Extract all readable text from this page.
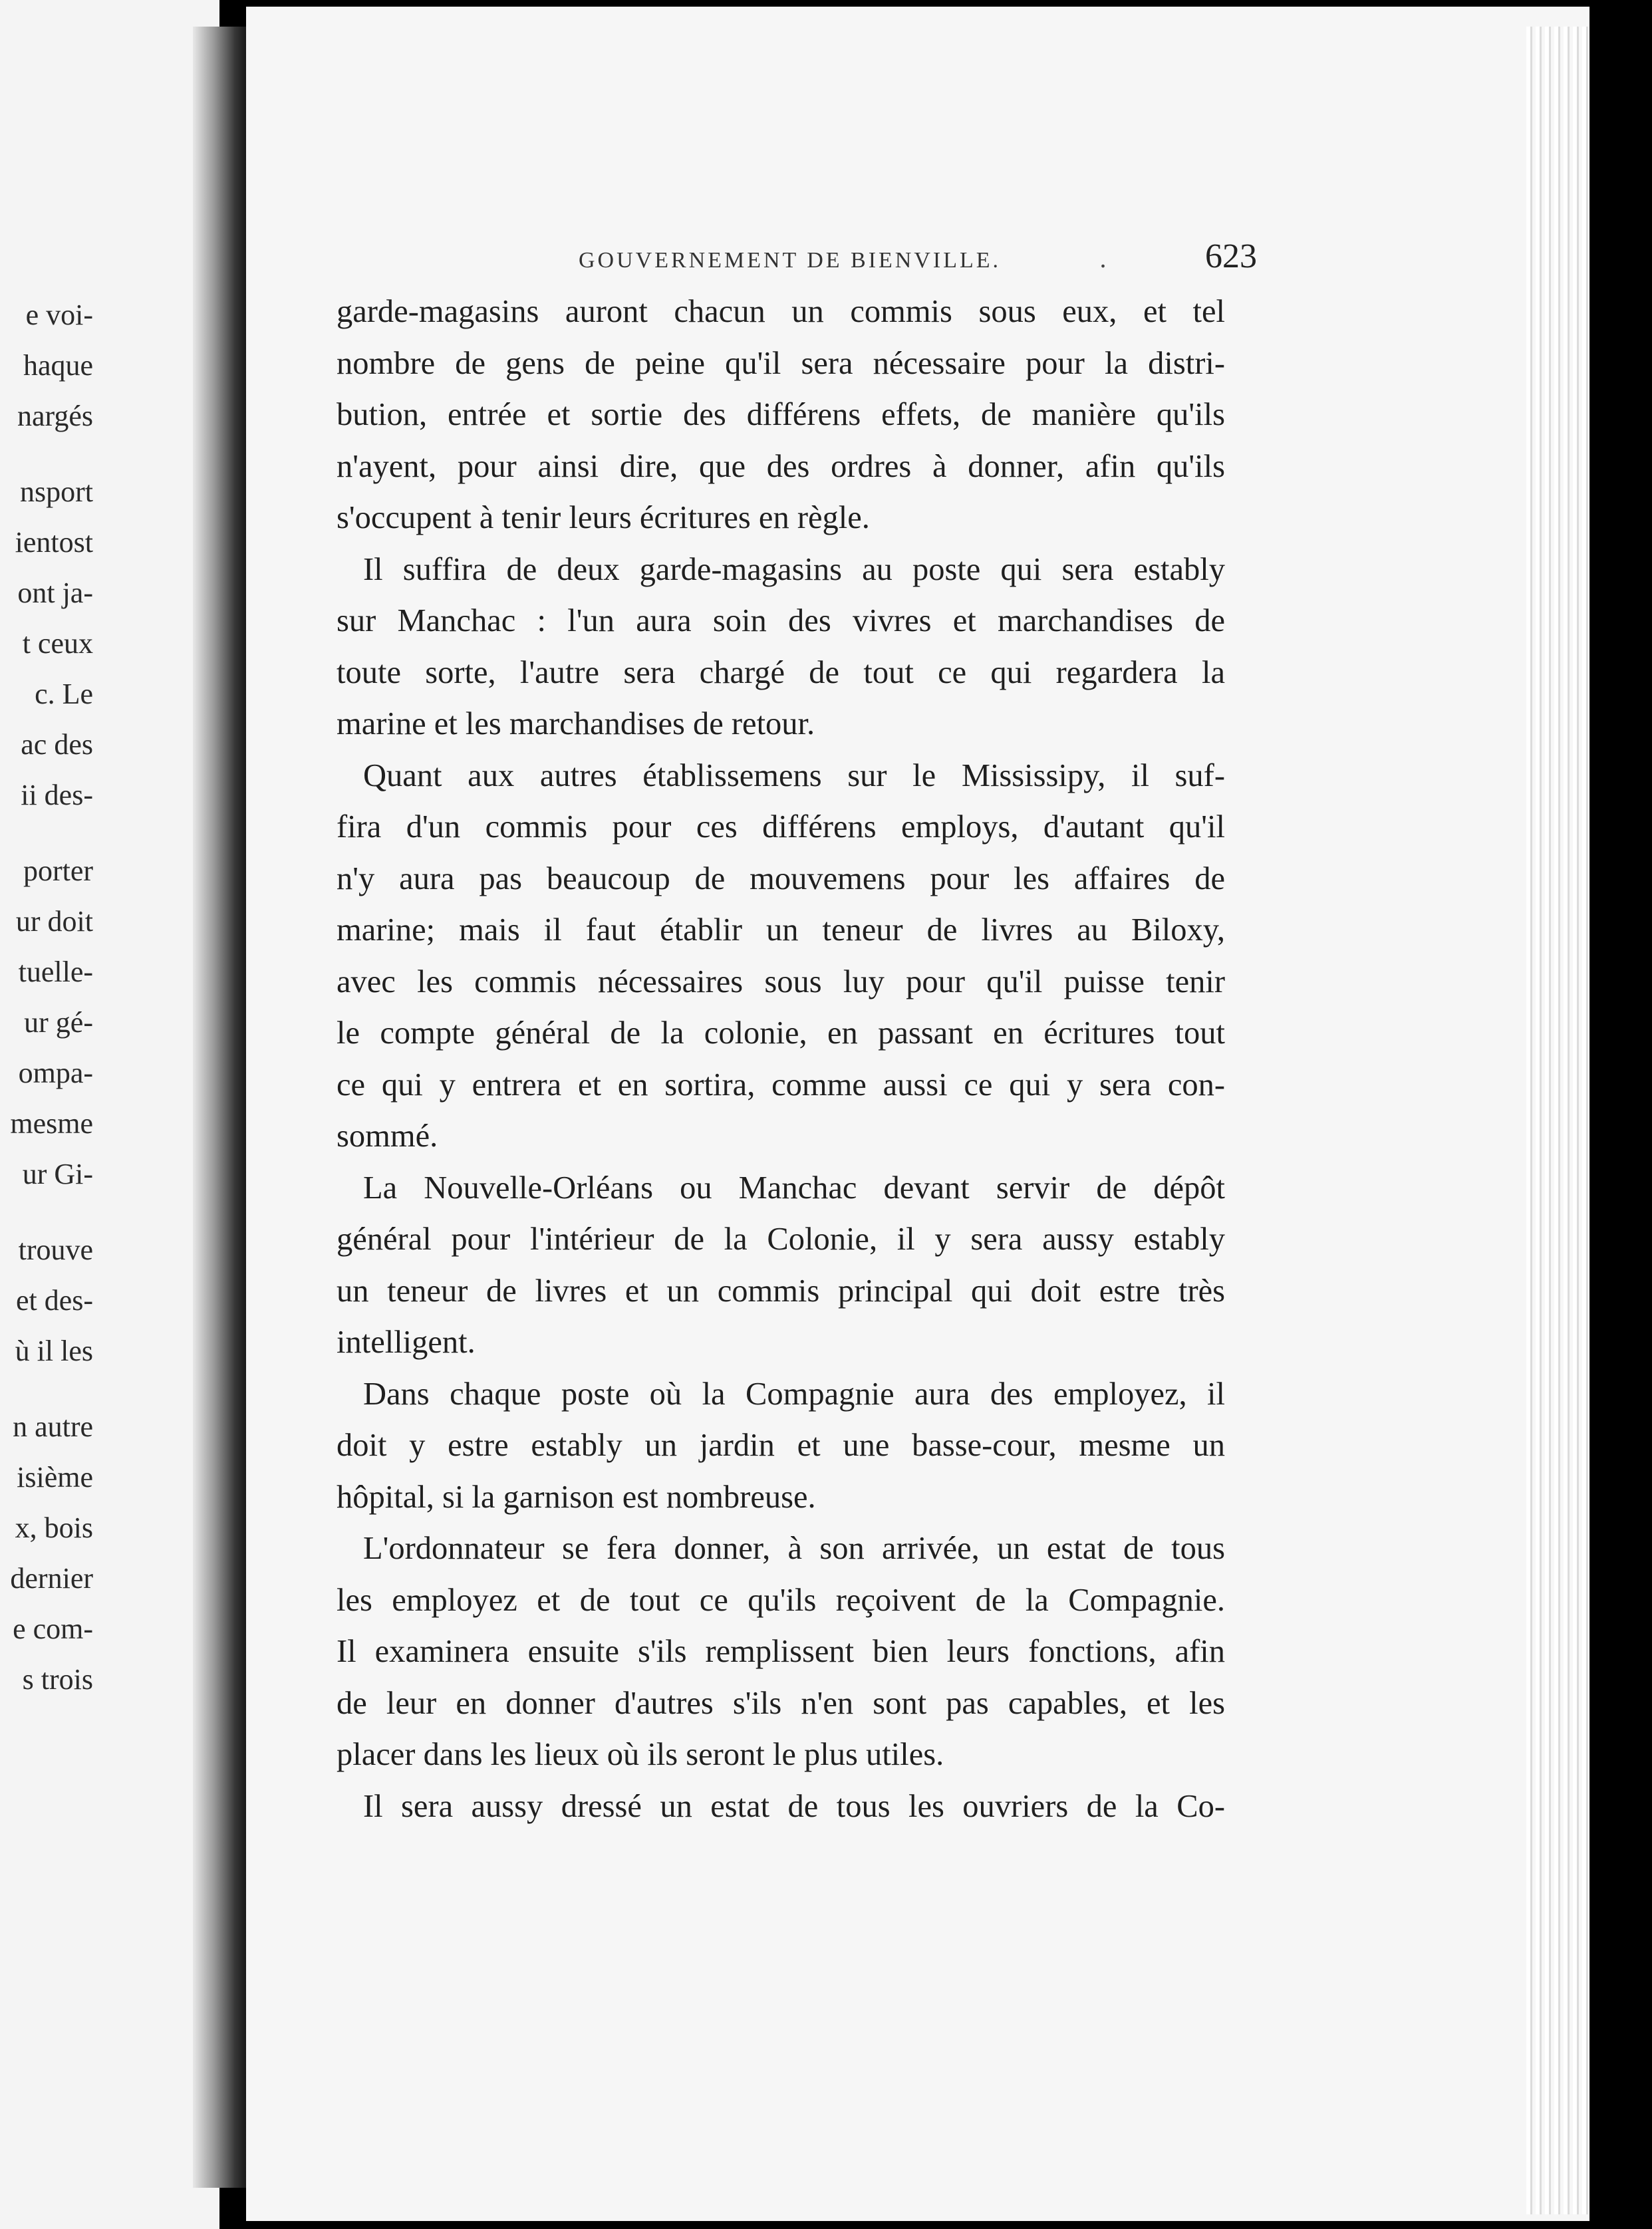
e voi-
haque
nargés
nsport
ientost
ont ja-
t ceux
c. Le
ac des
ii des-
porter
ur doit
tuelle-
ur gé-
ompa-
mesme
ur Gi-
trouve
et des-
ù il les
n autre
isième
x, bois
dernier
e com-
s trois
GOUVERNEMENT DE BIENVILLE.	.	623

garde-magasins auront chacun un commis sous eux, et tel
nombre de gens de peine qu'il sera nécessaire pour la distri-
bution, entrée et sortie des différens effets, de manière qu'ils
n'ayent, pour ainsi dire, que des ordres à donner, afin qu'ils
s'occupent à tenir leurs écritures en règle.

Il suffira de deux garde-magasins au poste qui sera estably
sur Manchac : l'un aura soin des vivres et marchandises de
toute sorte, l'autre sera chargé de tout ce qui regardera la
marine et les marchandises de retour.

Quant aux autres établissemens sur le Mississipy, il suf-
fira d'un commis pour ces différens employs, d'autant qu'il
n'y aura pas beaucoup de mouvemens pour les affaires de
marine; mais il faut établir un teneur de livres au Biloxy,
avec les commis nécessaires sous luy pour qu'il puisse tenir
le compte général de la colonie, en passant en écritures tout
ce qui y entrera et en sortira, comme aussi ce qui y sera con-
sommé.

La Nouvelle-Orléans ou Manchac devant servir de dépôt
général pour l'intérieur de la Colonie, il y sera aussy estably
un teneur de livres et un commis principal qui doit estre très
intelligent.

Dans chaque poste où la Compagnie aura des employez, il
doit y estre estably un jardin et une basse-cour, mesme un
hôpital, si la garnison est nombreuse.

L'ordonnateur se fera donner, à son arrivée, un estat de tous
les employez et de tout ce qu'ils reçoivent de la Compagnie.
Il examinera ensuite s'ils remplissent bien leurs fonctions, afin
de leur en donner d'autres s'ils n'en sont pas capables, et les
placer dans les lieux où ils seront le plus utiles.

Il sera aussy dressé un estat de tous les ouvriers de la Co-
